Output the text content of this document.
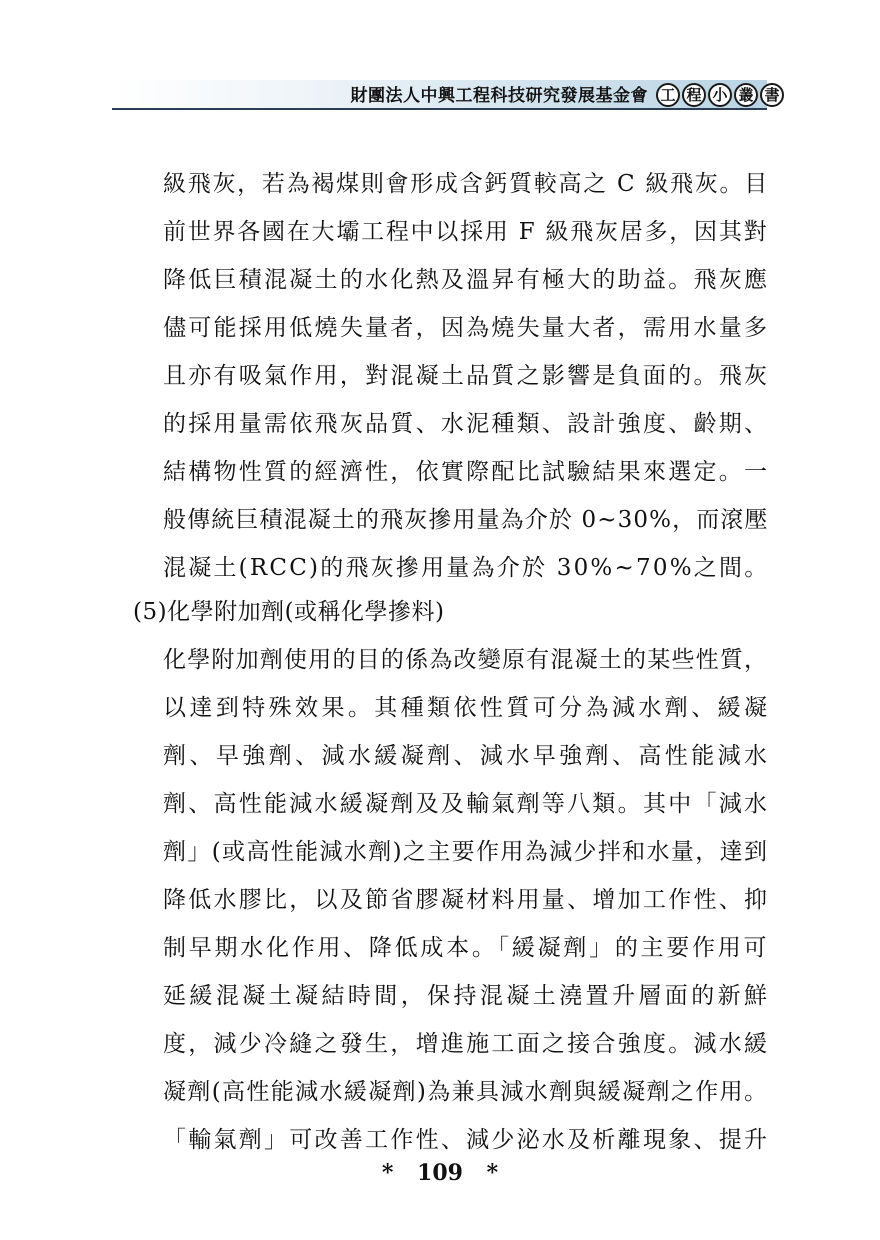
財團法人中興工程科技研究發展基金會 工 程 小 叢 書
級飛灰，若為褐煤則會形成含鈣質較高之 C 級飛灰。目
前世界各國在大壩工程中以採用 F 級飛灰居多，因其對
降低巨積混凝土的水化熱及溫昇有極大的助益。飛灰應
儘可能採用低燒失量者，因為燒失量大者，需用水量多
且亦有吸氣作用，對混凝土品質之影響是負面的。飛灰
的採用量需依飛灰品質、水泥種類、設計強度、齡期、
結構物性質的經濟性，依實際配比試驗結果來選定。一
般傳統巨積混凝土的飛灰摻用量為介於 0~30%，而滾壓
混凝土(RCC)的飛灰摻用量為介於 30%~70%之間。
(5)化學附加劑(或稱化學摻料)
化學附加劑使用的目的係為改變原有混凝土的某些性質，
以達到特殊效果。其種類依性質可分為減水劑、緩凝
劑、早強劑、減水緩凝劑、減水早強劑、高性能減水
劑、高性能減水緩凝劑及及輸氣劑等八類。其中「減水
劑」(或高性能減水劑)之主要作用為減少拌和水量，達到
降低水膠比，以及節省膠凝材料用量、增加工作性、抑
制早期水化作用、降低成本。「緩凝劑」的主要作用可
延緩混凝土凝結時間，保持混凝土澆置升層面的新鮮
度，減少冷縫之發生，增進施工面之接合強度。減水緩
凝劑(高性能減水緩凝劑)為兼具減水劑與緩凝劑之作用。
「輸氣劑」可改善工作性、減少泌水及析離現象、提升
* 109 *
